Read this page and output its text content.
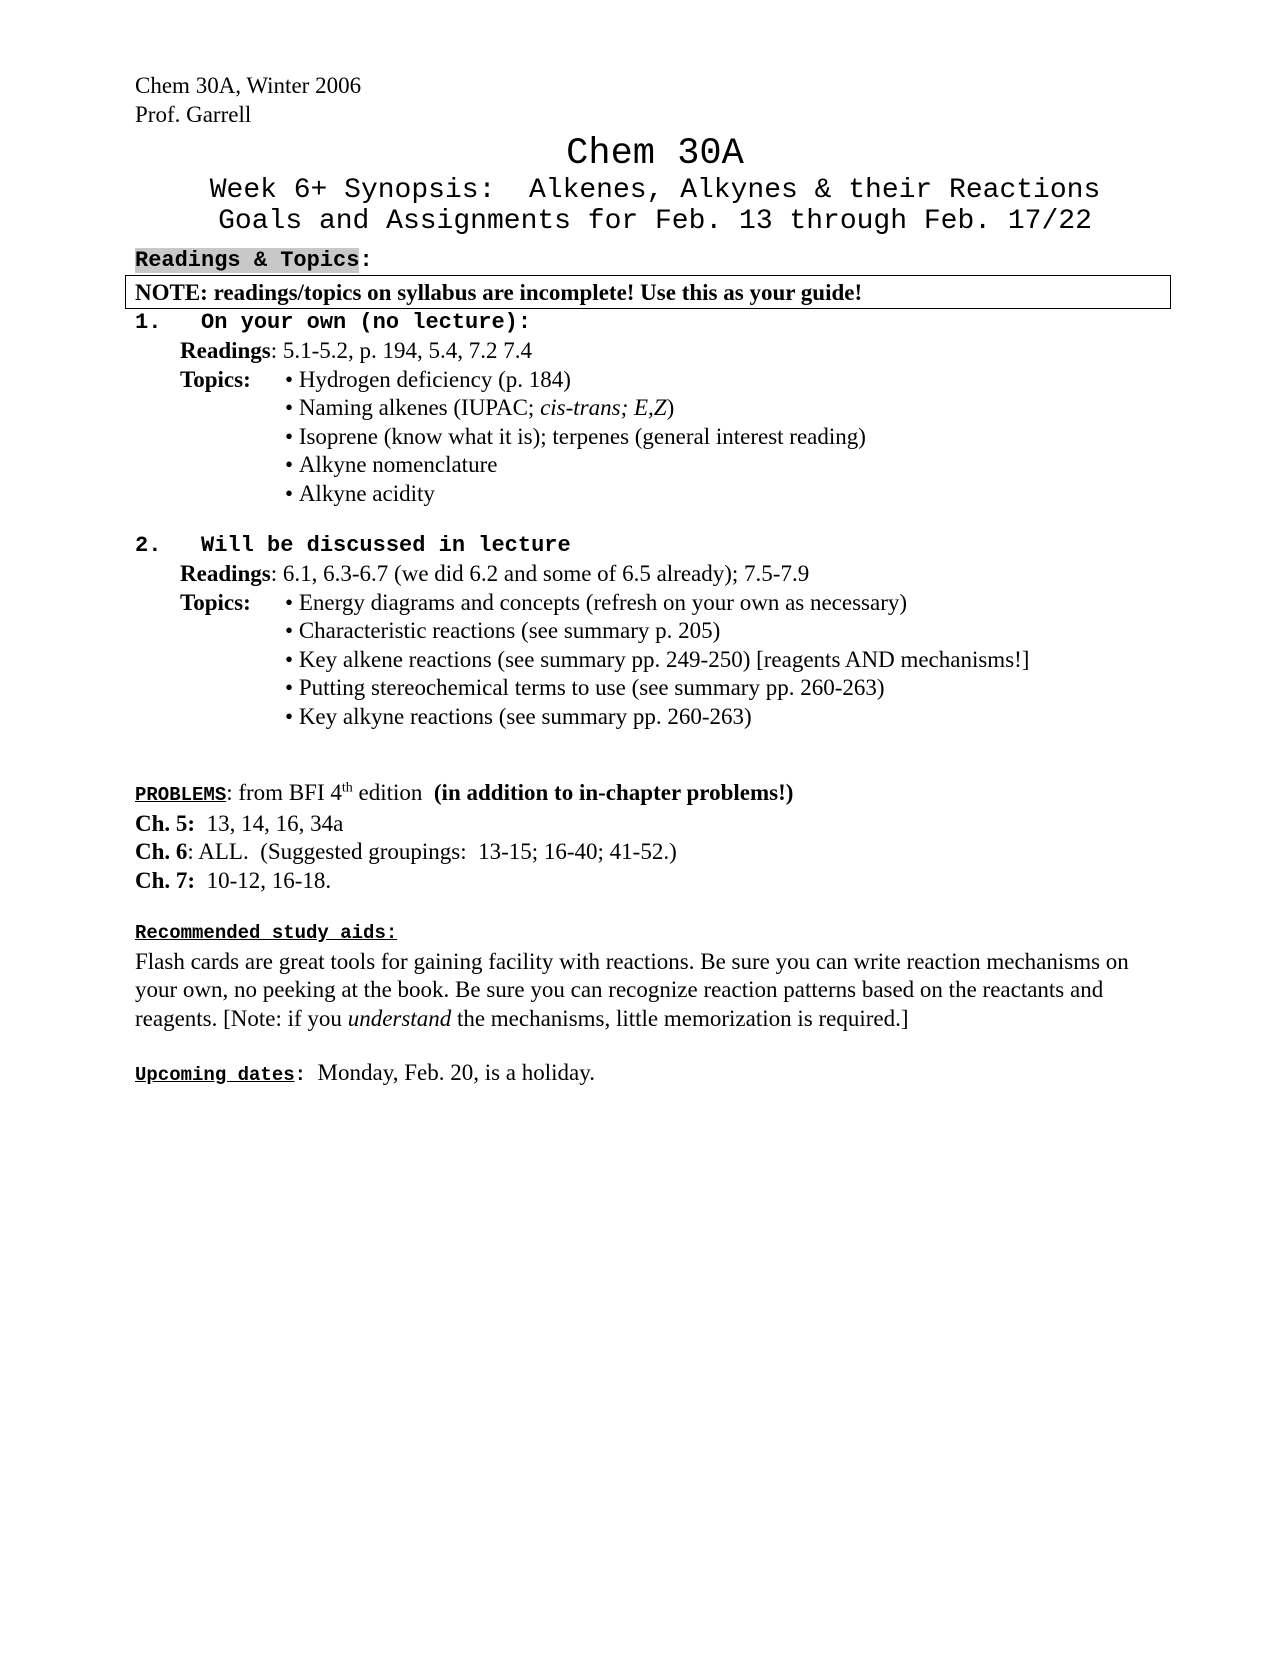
Chem 30A, Winter 2006
Prof. Garrell
Chem 30A
Week 6+ Synopsis:  Alkenes, Alkynes & their Reactions
Goals and Assignments for Feb. 13 through Feb. 17/22
Readings & Topics:
NOTE: readings/topics on syllabus are incomplete! Use this as your guide!
1.   On your own (no lecture):
Readings: 5.1-5.2, p. 194, 5.4, 7.2 7.4
Topics:	• Hydrogen deficiency (p. 184)
• Naming alkenes (IUPAC; cis-trans; E,Z)
• Isoprene (know what it is); terpenes (general interest reading)
• Alkyne nomenclature
• Alkyne acidity
2.   Will be discussed in lecture
Readings: 6.1, 6.3-6.7 (we did 6.2 and some of 6.5 already); 7.5-7.9
Topics:	• Energy diagrams and concepts (refresh on your own as necessary)
• Characteristic reactions (see summary p. 205)
• Key alkene reactions (see summary pp. 249-250) [reagents AND mechanisms!]
• Putting stereochemical terms to use (see summary pp. 260-263)
• Key alkyne reactions (see summary pp. 260-263)
PROBLEMS: from BFI 4th edition  (in addition to in-chapter problems!)
Ch. 5:  13, 14, 16, 34a
Ch. 6: ALL.  (Suggested groupings:  13-15; 16-40; 41-52.)
Ch. 7:  10-12, 16-18.
Recommended study aids:
Flash cards are great tools for gaining facility with reactions. Be sure you can write reaction mechanisms on your own, no peeking at the book. Be sure you can recognize reaction patterns based on the reactants and reagents. [Note: if you understand the mechanisms, little memorization is required.]
Upcoming dates:  Monday, Feb. 20, is a holiday.
